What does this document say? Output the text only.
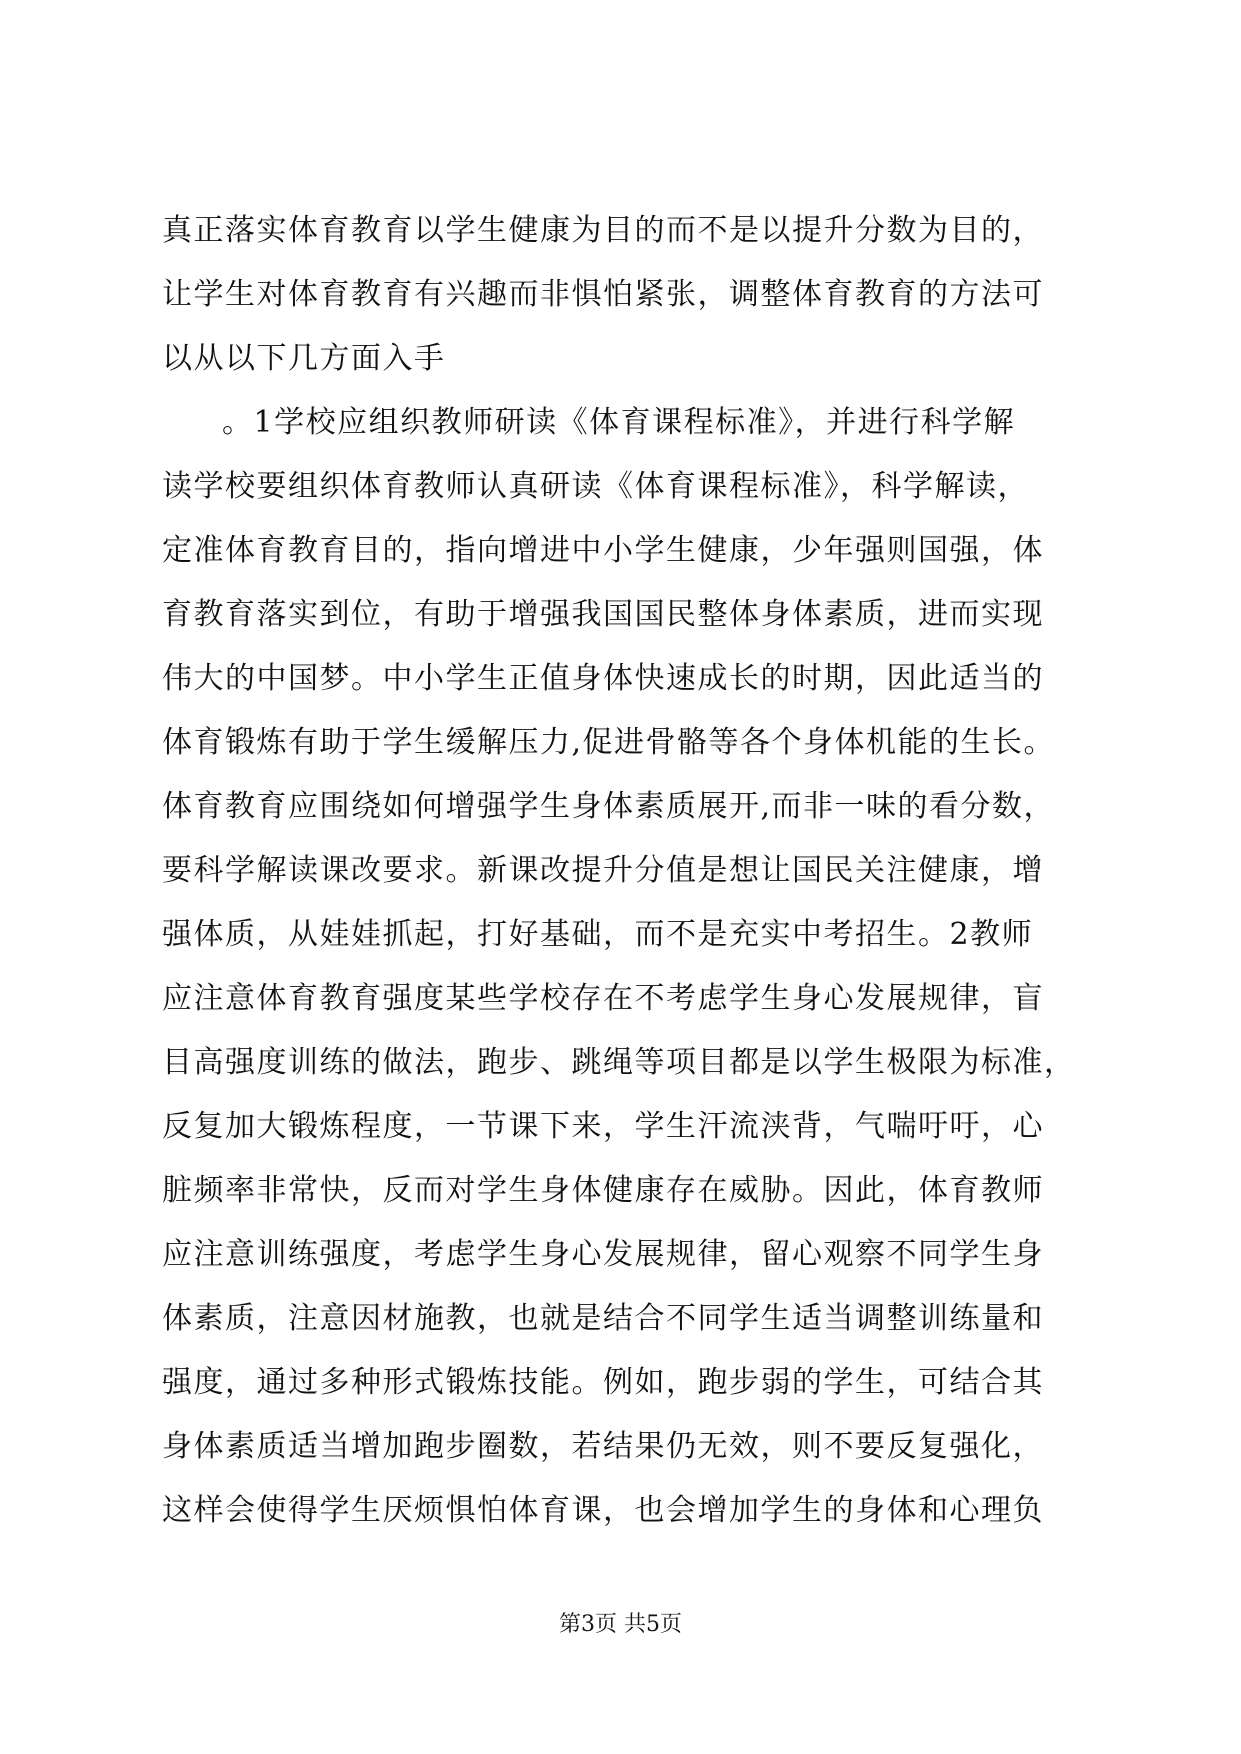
真正落实体育教育以学生健康为目的而不是以提升分数为目的，
让学生对体育教育有兴趣而非惧怕紧张，调整体育教育的方法可
以从以下几方面入手
。1学校应组织教师研读《体育课程标准》，并进行科学解
读学校要组织体育教师认真研读《体育课程标准》，科学解读，
定准体育教育目的，指向增进中小学生健康，少年强则国强，体
育教育落实到位，有助于增强我国国民整体身体素质，进而实现
伟大的中国梦。中小学生正值身体快速成长的时期，因此适当的
体育锻炼有助于学生缓解压力,促进骨骼等各个身体机能的生长。
体育教育应围绕如何增强学生身体素质展开,而非一味的看分数，
要科学解读课改要求。新课改提升分值是想让国民关注健康，增
强体质，从娃娃抓起，打好基础，而不是充实中考招生。2教师
应注意体育教育强度某些学校存在不考虑学生身心发展规律，盲
目高强度训练的做法，跑步、跳绳等项目都是以学生极限为标准，
反复加大锻炼程度，一节课下来，学生汗流浃背，气喘吁吁，心
脏频率非常快，反而对学生身体健康存在威胁。因此，体育教师
应注意训练强度，考虑学生身心发展规律，留心观察不同学生身
体素质，注意因材施教，也就是结合不同学生适当调整训练量和
强度，通过多种形式锻炼技能。例如，跑步弱的学生，可结合其
身体素质适当增加跑步圈数，若结果仍无效，则不要反复强化，
这样会使得学生厌烦惧怕体育课，也会增加学生的身体和心理负
第3页 共5页
